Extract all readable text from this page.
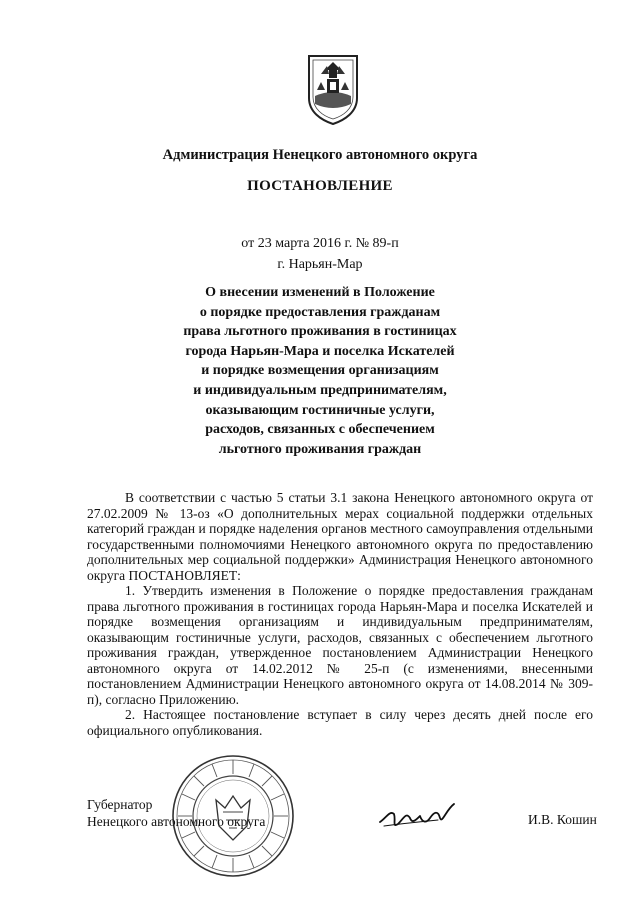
Администрация Ненецкого автономного округа
ПОСТАНОВЛЕНИЕ
от 23 марта 2016 г. № 89-п
г. Нарьян-Мар
О внесении изменений в Положение
о порядке предоставления гражданам
права льготного проживания в гостиницах
города Нарьян-Мара и поселка Искателей
и порядке возмещения организациям
и индивидуальным предпринимателям,
оказывающим гостиничные услуги,
расходов, связанных с обеспечением
льготного проживания граждан

В соответствии с частью 5 статьи 3.1 закона Ненецкого автономного округа от 27.02.2009 № 13-оз «О дополнительных мерах социальной поддержки отдельных категорий граждан и порядке наделения органов местного самоуправления отдельными государственными полномочиями Ненецкого автономного округа по предоставлению дополнительных мер социальной поддержки» Администрация Ненецкого автономного округа ПОСТАНОВЛЯЕТ:

1. Утвердить изменения в Положение о порядке предоставления гражданам права льготного проживания в гостиницах города Нарьян-Мара и поселка Искателей и порядке возмещения организациям и индивидуальным предпринимателям, оказывающим гостиничные услуги, расходов, связанных с обеспечением льготного проживания граждан, утвержденное постановлением Администрации Ненецкого автономного округа от 14.02.2012 № 25-п (с изменениями, внесенными постановлением Администрации Ненецкого автономного округа от 14.08.2014 № 309-п), согласно Приложению.

2. Настоящее постановление вступает в силу через десять дней после его официального опубликования.

Губернатор
Ненецкого автономного округа	И.В. Кошин
